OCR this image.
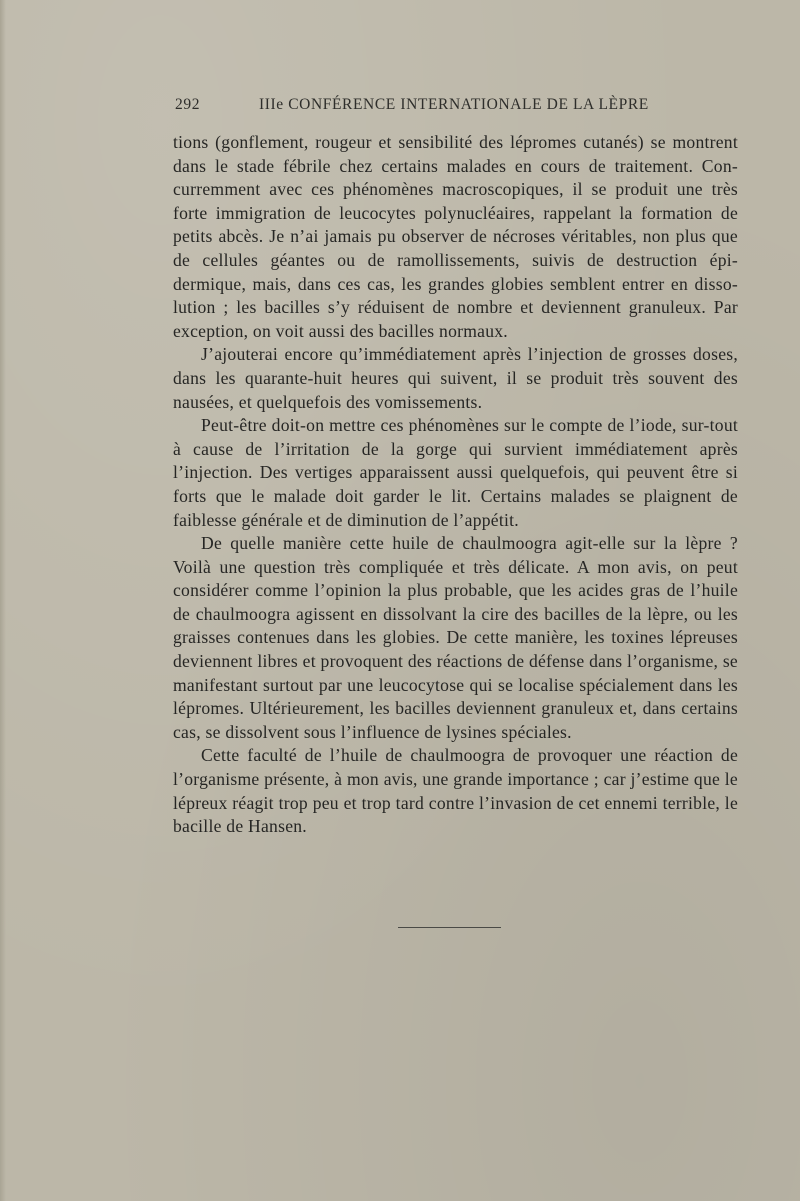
292	IIIe CONFÉRENCE INTERNATIONALE DE LA LÈPRE

tions (gonflement, rougeur et sensibilité des lépromes cutanés) se montrent dans le stade fébrile chez certains malades en cours de traitement. Con-curremment avec ces phénomènes macroscopiques, il se produit une très forte immigration de leucocytes polynucléaires, rappelant la formation de petits abcès. Je n’ai jamais pu observer de nécroses véritables, non plus que de cellules géantes ou de ramollissements, suivis de destruction épi-dermique, mais, dans ces cas, les grandes globies semblent entrer en disso-lution ; les bacilles s’y réduisent de nombre et deviennent granuleux. Par exception, on voit aussi des bacilles normaux.

J’ajouterai encore qu’immédiatement après l’injection de grosses doses, dans les quarante-huit heures qui suivent, il se produit très souvent des nausées, et quelquefois des vomissements.

Peut-être doit-on mettre ces phénomènes sur le compte de l’iode, sur-tout à cause de l’irritation de la gorge qui survient immédiatement après l’injection. Des vertiges apparaissent aussi quelquefois, qui peuvent être si forts que le malade doit garder le lit. Certains malades se plaignent de faiblesse générale et de diminution de l’appétit.

De quelle manière cette huile de chaulmoogra agit-elle sur la lèpre ? Voilà une question très compliquée et très délicate. A mon avis, on peut considérer comme l’opinion la plus probable, que les acides gras de l’huile de chaulmoogra agissent en dissolvant la cire des bacilles de la lèpre, ou les graisses contenues dans les globies. De cette manière, les toxines lépreuses deviennent libres et provoquent des réactions de défense dans l’organisme, se manifestant surtout par une leucocytose qui se localise spécialement dans les lépromes. Ultérieurement, les bacilles deviennent granuleux et, dans certains cas, se dissolvent sous l’influence de lysines spéciales.

Cette faculté de l’huile de chaulmoogra de provoquer une réaction de l’organisme présente, à mon avis, une grande importance ; car j’estime que le lépreux réagit trop peu et trop tard contre l’invasion de cet ennemi terrible, le bacille de Hansen.
